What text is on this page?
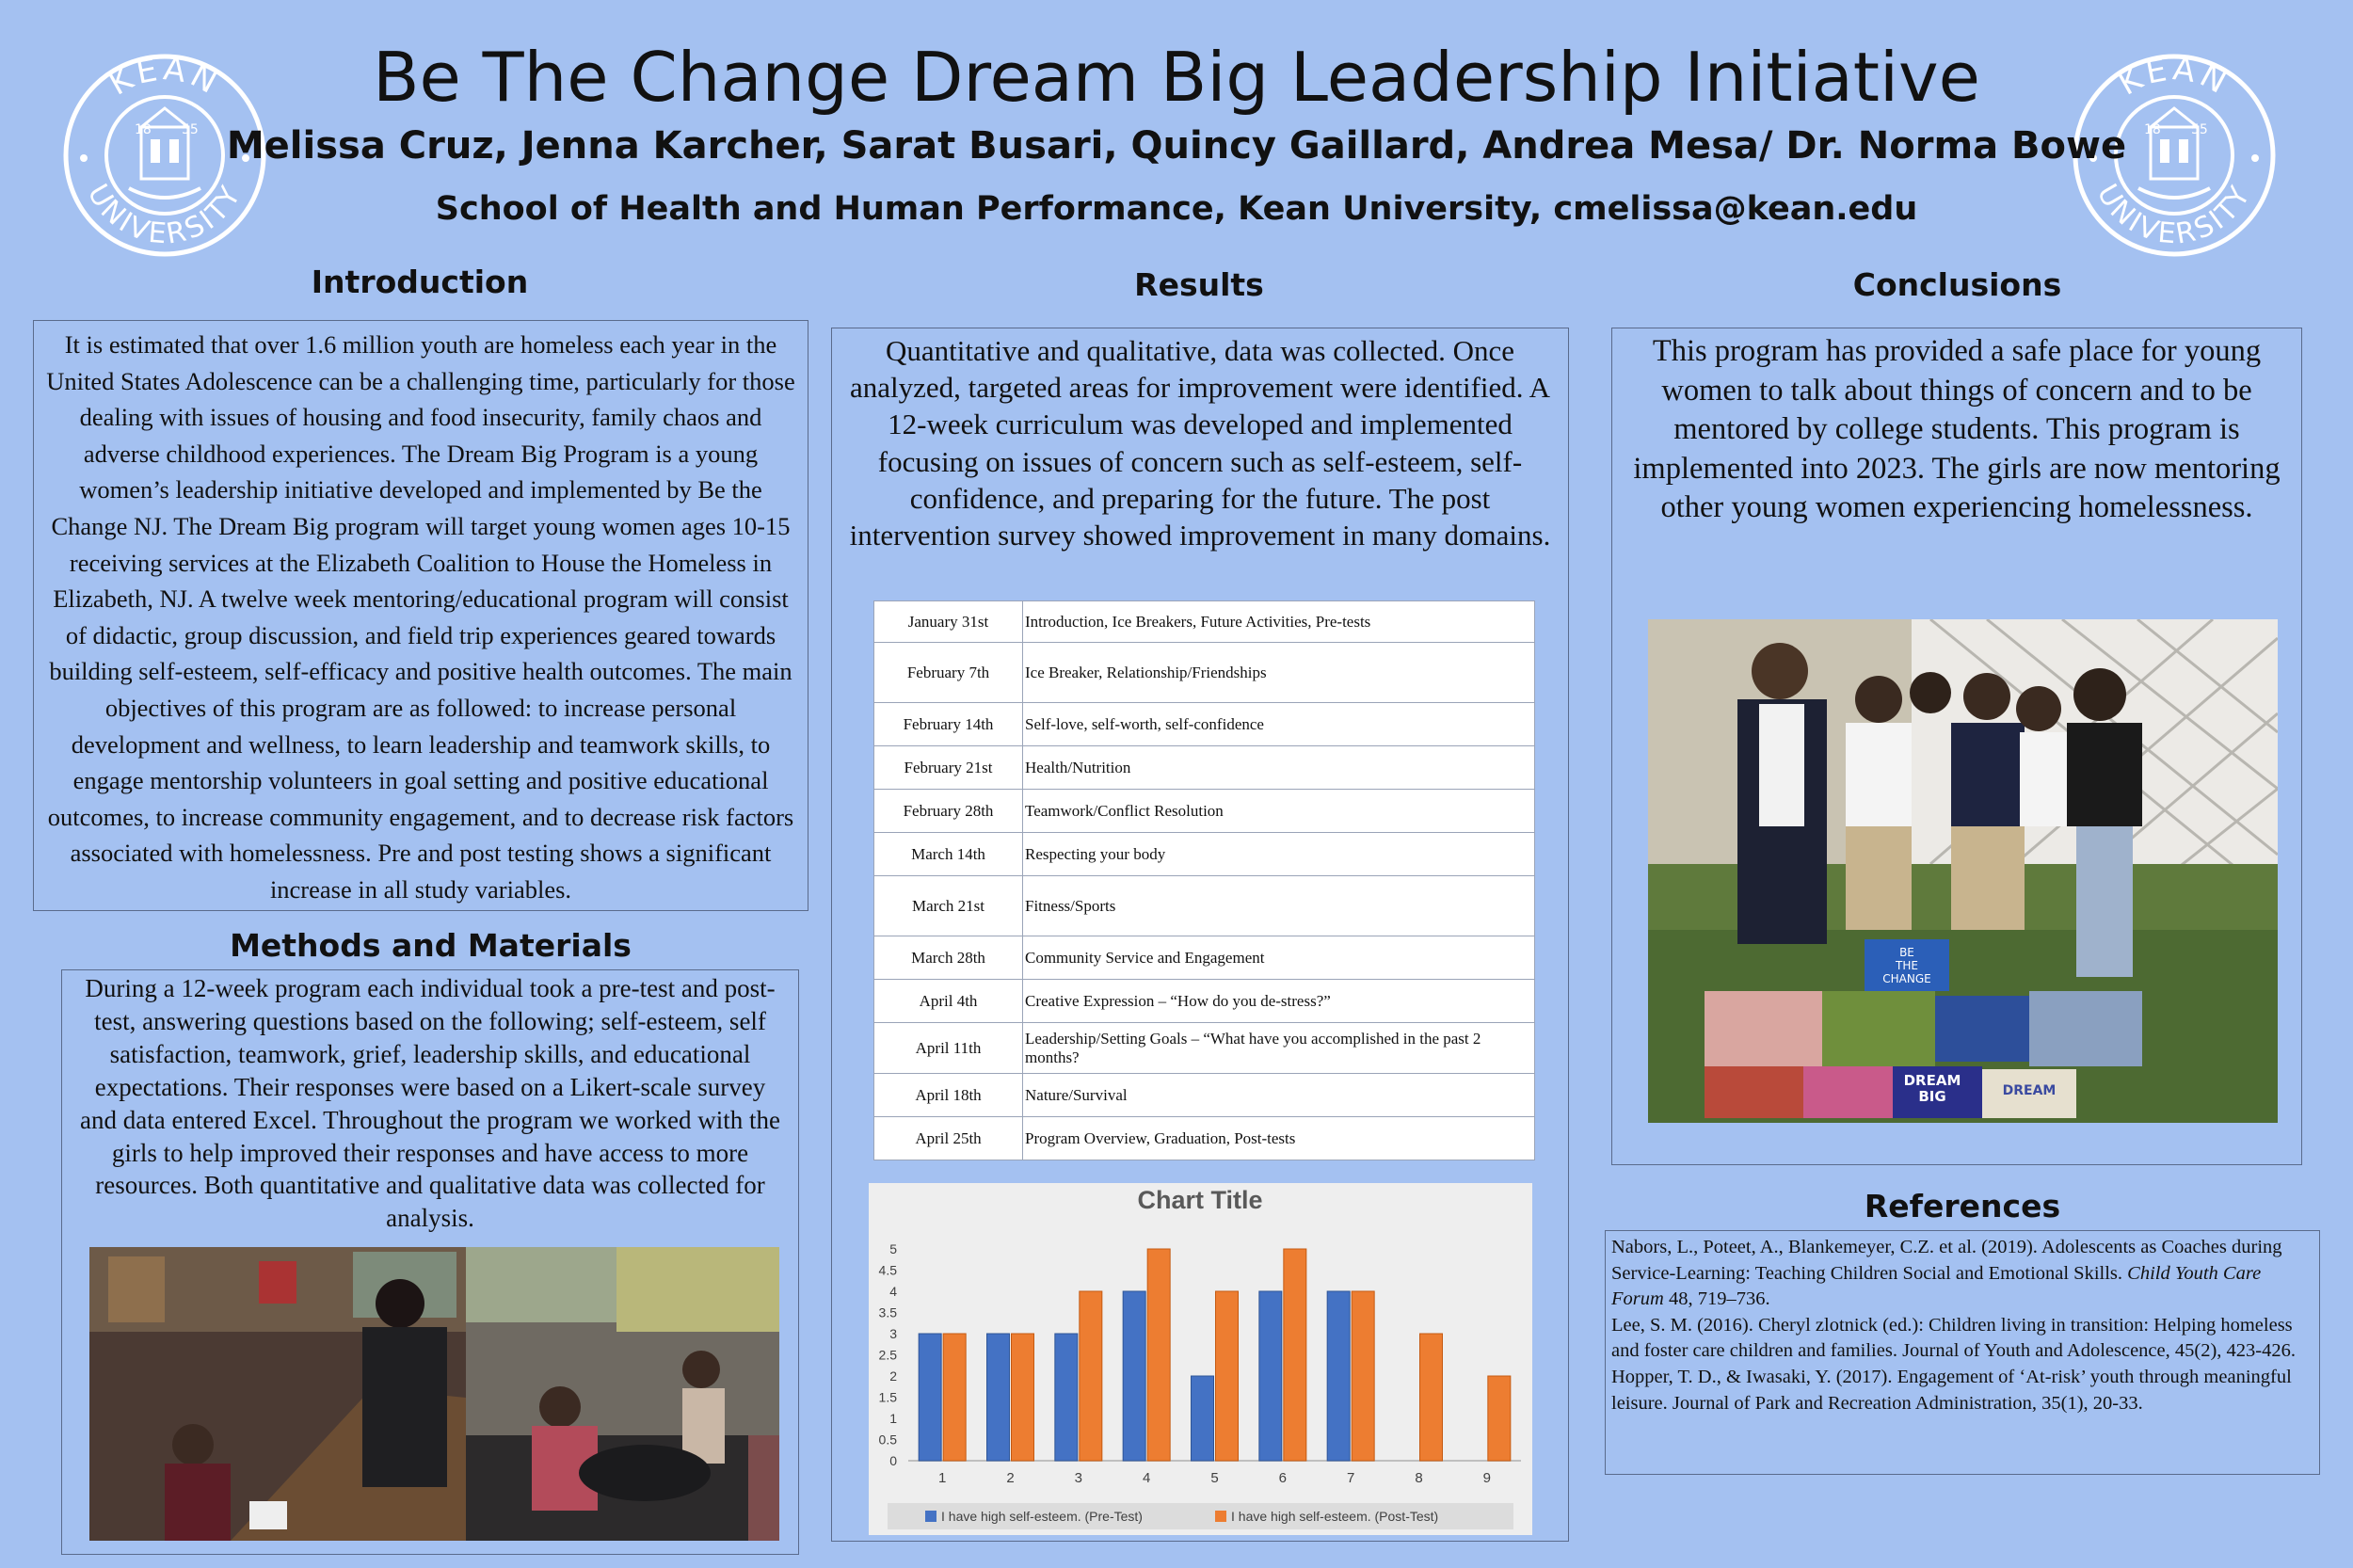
KEAN
UNIVERSITY
18 55
KEAN
UNIVERSITY
18 55
Be The Change Dream Big Leadership Initiative
Melissa Cruz, Jenna Karcher, Sarat Busari, Quincy Gaillard, Andrea Mesa/ Dr. Norma Bowe
School of Health and Human Performance, Kean University, cmelissa@kean.edu
Introduction
It is estimated that over 1.6 million youth are homeless each year in the United States Adolescence can be a challenging time, particularly for those dealing with issues of housing and food insecurity, family chaos and adverse childhood experiences. The Dream Big Program is a young women’s leadership initiative developed and implemented by Be the Change NJ. The Dream Big program will target young women ages 10-15 receiving services at the Elizabeth Coalition to House the Homeless in Elizabeth, NJ. A twelve week mentoring/educational program will consist of didactic, group discussion, and field trip experiences geared towards building self-esteem, self-efficacy and positive health outcomes. The main objectives of this program are as followed: to increase personal development and wellness, to learn leadership and teamwork skills, to engage mentorship volunteers in goal setting and positive educational outcomes, to increase community engagement, and to decrease risk factors associated with homelessness. Pre and post testing shows a significant increase in all study variables.
Methods and Materials
During a 12-week program each individual took a pre-test and post-test, answering questions based on the following; self-esteem, self satisfaction, teamwork, grief, leadership skills, and educational expectations. Their responses were based on a Likert-scale survey and data entered Excel. Throughout the program we worked with the girls to help improved their responses and have access to more resources. Both quantitative and qualitative data was collected for analysis.
Results
Quantitative and qualitative, data was collected. Once analyzed, targeted areas for improvement were identified. A 12-week curriculum was developed and implemented focusing on issues of concern such as self-esteem, self-confidence, and preparing for the future. The post intervention survey showed improvement in many domains.
January 31st	Introduction, Ice Breakers, Future Activities, Pre-tests
February 7th	Ice Breaker, Relationship/Friendships
February 14th	Self-love, self-worth, self-confidence
February 21st	Health/Nutrition
February 28th	Teamwork/Conflict Resolution
March 14th	Respecting your body
March 21st	Fitness/Sports
March 28th	Community Service and Engagement
April 4th	Creative Expression – “How do you de-stress?”
April 11th	Leadership/Setting Goals – “What have you accomplished in the past 2 months?
April 18th	Nature/Survival
April 25th	Program Overview, Graduation, Post-tests
Chart Title
0
0.5
1
1.5
2
2.5
3
3.5
4
4.5
5
1	2	3	4	5	6	7	8	9
I have high self-esteem. (Pre-Test)	I have high self-esteem. (Post-Test)
Conclusions
This program has provided a safe place for young women to talk about things of concern and to be mentored by college students. This program is implemented into 2023. The girls are now mentoring other young women experiencing homelessness.
BE
THE
CHANGE
DREAM
BIG	DREAM
References
Nabors, L., Poteet, A., Blankemeyer, C.Z. et al. (2019). Adolescents as Coaches during Service-Learning: Teaching Children Social and Emotional Skills. Child Youth Care Forum 48, 719–736.
Lee, S. M. (2016). Cheryl zlotnick (ed.): Children living in transition: Helping homeless and foster care children and families. Journal of Youth and Adolescence, 45(2), 423-426.
Hopper, T. D., & Iwasaki, Y. (2017). Engagement of ‘At-risk’ youth through meaningful leisure. Journal of Park and Recreation Administration, 35(1), 20-33.
